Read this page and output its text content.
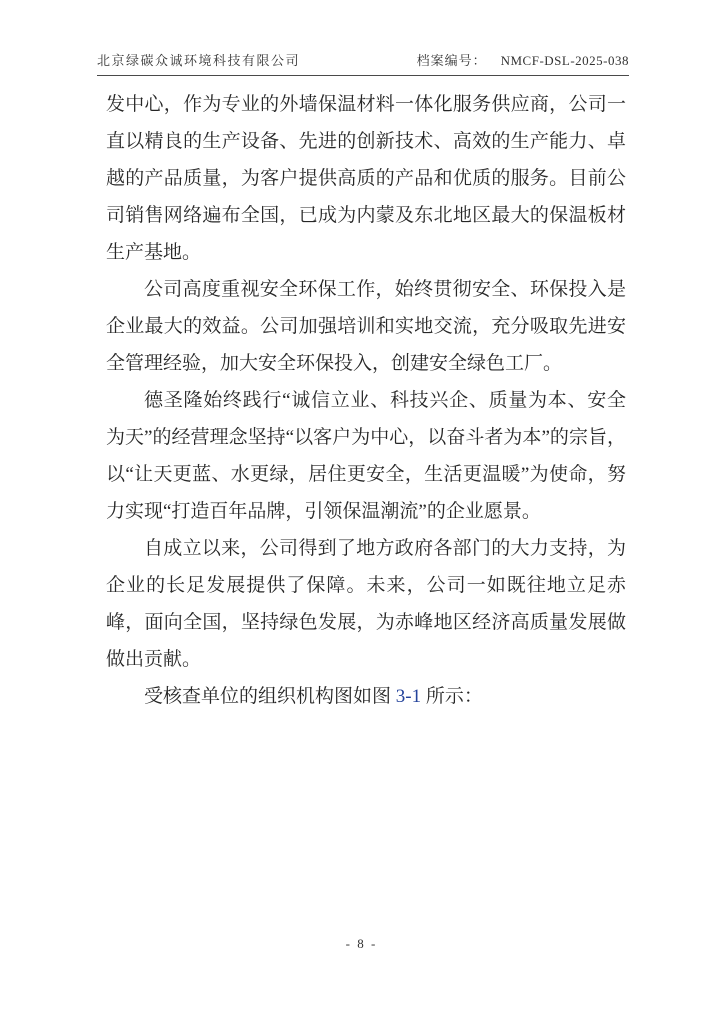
北京绿碳众诚环境科技有限公司	档案编号： NMCF-DSL-2025-038

发中心，作为专业的外墙保温材料一体化服务供应商，公司一直以精良的生产设备、先进的创新技术、高效的生产能力、卓越的产品质量，为客户提供高质的产品和优质的服务。目前公司销售网络遍布全国，已成为内蒙及东北地区最大的保温板材生产基地。

公司高度重视安全环保工作，始终贯彻安全、环保投入是企业最大的效益。公司加强培训和实地交流，充分吸取先进安全管理经验，加大安全环保投入，创建安全绿色工厂。

德圣隆始终践行“诚信立业、科技兴企、质量为本、安全为天”的经营理念坚持“以客户为中心，以奋斗者为本”的宗旨，以“让天更蓝、水更绿，居住更安全，生活更温暖”为使命，努力实现“打造百年品牌，引领保温潮流”的企业愿景。

自成立以来，公司得到了地方政府各部门的大力支持，为企业的长足发展提供了保障。未来，公司一如既往地立足赤峰，面向全国，坚持绿色发展，为赤峰地区经济高质量发展做做出贡献。

受核查单位的组织机构图如图 3-1 所示：

- 8 -
